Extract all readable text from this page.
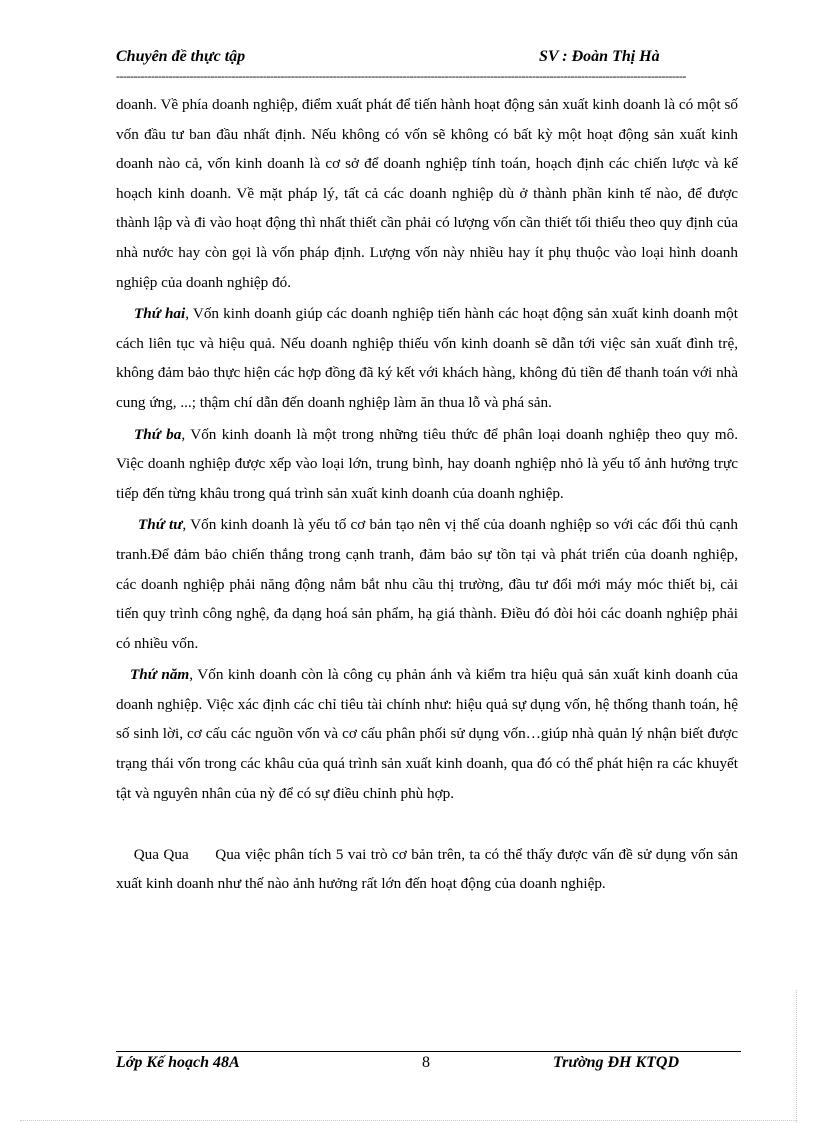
Chuyên đề thực tập	SV : Đoàn Thị Hà
-----

doanh. Về phía doanh nghiệp, điểm xuất phát để tiến hành hoạt động sản xuất kinh doanh là có một số vốn đầu tư ban đầu nhất định. Nếu không có vốn sẽ không có bất kỳ một hoạt động sản xuất kinh doanh nào cả, vốn kinh doanh là cơ sở để doanh nghiệp tính toán, hoạch định các chiến lược và kế hoạch kinh doanh. Về mặt pháp lý, tất cả các doanh nghiệp dù ở thành phần kinh tế nào, để được thành lập và đi vào hoạt động thì nhất thiết cần phải có lượng vốn cần thiết tối thiểu theo quy định của nhà nước hay còn gọi là vốn pháp định. Lượng vốn này nhiều hay ít phụ thuộc vào loại hình doanh nghiệp của doanh nghiệp đó.

Thứ hai, Vốn kinh doanh giúp các doanh nghiệp tiến hành các hoạt động sản xuất kinh doanh một cách liên tục và hiệu quả. Nếu doanh nghiệp thiếu vốn kinh doanh sẽ dẫn tới việc sản xuất đình trệ, không đảm bảo thực hiện các hợp đồng đã ký kết với khách hàng, không đủ tiền để thanh toán với nhà cung ứng, ...; thậm chí dẫn đến doanh nghiệp làm ăn thua lỗ và phá sản.

Thứ ba, Vốn kinh doanh là một trong những tiêu thức để phân loại doanh nghiệp theo quy mô. Việc doanh nghiệp được xếp vào loại lớn, trung bình, hay doanh nghiệp nhỏ là yếu tố ảnh hưởng trực tiếp đến từng khâu trong quá trình sản xuất kinh doanh của doanh nghiệp.

Thứ tư, Vốn kinh doanh là yếu tố cơ bản tạo nên vị thế của doanh nghiệp so với các đối thủ cạnh tranh.Để đảm bảo chiến thắng trong cạnh tranh, đảm bảo sự tồn tại và phát triển của doanh nghiệp, các doanh nghiệp phải năng động nắm bắt nhu cầu thị trường, đầu tư đổi mới máy móc thiết bị, cải tiến quy trình công nghệ, đa dạng hoá sản phẩm, hạ giá thành. Điều đó đòi hỏi các doanh nghiệp phải có nhiều vốn.

Thứ năm, Vốn kinh doanh còn là công cụ phản ánh và kiểm tra hiệu quả sản xuất kinh doanh của doanh nghiệp. Việc xác định các chỉ tiêu tài chính như: hiệu quả sự dụng vốn, hệ thống thanh toán, hệ số sinh lời, cơ cấu các nguồn vốn và cơ cấu phân phối sử dụng vốn…giúp nhà quản lý nhận biết được trạng thái vốn trong các khâu của quá trình sản xuất kinh doanh, qua đó có thể phát hiện ra các khuyết tật và nguyên nhân của nỳ để có sự điều chỉnh phù hợp.

Qua Qua      Qua việc phân tích 5 vai trò cơ bản trên, ta có thể thấy được vấn đề sử dụng vốn sản xuất kinh doanh như thế nào ảnh hưởng rất lớn đến hoạt động của doanh nghiệp.

Lớp Kế hoạch 48A	8	Trường ĐH KTQD
